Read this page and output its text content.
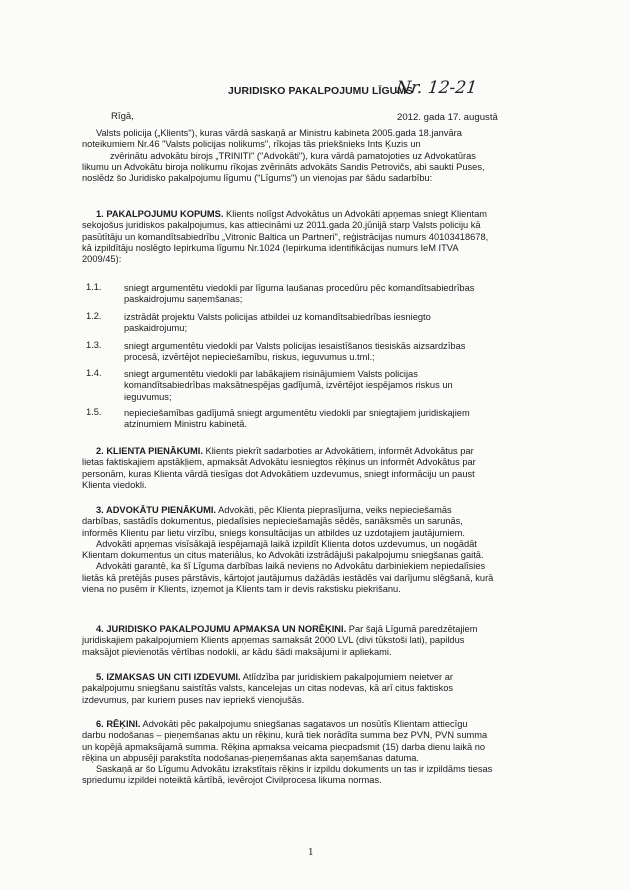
JURIDISKO PAKALPOJUMU LĪGUMS
Nr. 12-21
Rīgā,	2012. gada 17. augustā
Valsts policija („Klients"), kuras vārdā saskaņā ar Ministru kabineta 2005.gada 18.janvāra
noteikumiem Nr.46 "Valsts policijas nolikums", rīkojas tās priekšnieks Ints Ķuzis un
zvērinātu advokātu birojs „TRINITI" ("Advokāti"), kura vārdā pamatojoties uz Advokatūras
likumu un Advokātu biroja nolikumu rīkojas zvērināts advokāts Sandis Petrovičs, abi saukti Puses,
noslēdz šo Juridisko pakalpojumu līgumu ("Līgums") un vienojas par šādu sadarbību:
1. PAKALPOJUMU KOPUMS. Klients nolīgst Advokātus un Advokāti apņemas sniegt Klientam
sekojošus juridiskos pakalpojumus, kas attiecināmi uz 2011.gada 20.jūnijā starp Valsts policiju kā
pasūtītāju un komandītsabiedrību „Vitronic Baltica un Partneri", reģistrācijas numurs 40103418678,
kā izpildītāju noslēgto Iepirkuma līgumu Nr.1024 (Iepirkuma identifikācijas numurs IeM ITVA
2009/45):
1.1. sniegt argumentētu viedokli par līguma laušanas procedūru pēc komandītsabiedrības
paskaidrojumu saņemšanas;
1.2. izstrādāt projektu Valsts policijas atbildei uz komandītsabiedrības iesniegto
paskaidrojumu;
1.3. sniegt argumentētu viedokli par Valsts policijas iesaistīšanos tiesiskās aizsardzības
procesā, izvērtējot nepieciešamību, riskus, ieguvumus u.tml.;
1.4. sniegt argumentētu viedokli par labākajiem risinājumiem Valsts policijas
komandītsabiedrības maksātnespējas gadījumā, izvērtējot iespējamos riskus un
ieguvumus;
1.5. nepieciešamības gadījumā sniegt argumentētu viedokli par sniegtajiem juridiskajiem
atzinumiem Ministru kabinetā.
2. KLIENTA PIENĀKUMI. Klients piekrīt sadarboties ar Advokātiem, informēt Advokātus par
lietas faktiskajiem apstākļiem, apmaksāt Advokātu iesniegtos rēķinus un informēt Advokātus par
personām, kuras Klienta vārdā tiesīgas dot Advokātiem uzdevumus, sniegt informāciju un paust
Klienta viedokli.
3. ADVOKĀTU PIENĀKUMI. Advokāti, pēc Klienta pieprasījuma, veiks nepieciešamās
darbības, sastādīs dokumentus, piedalīsies nepieciešamajās sēdēs, sanāksmēs un sarunās,
informēs Klientu par lietu virzību, sniegs konsultācijas un atbildes uz uzdotajiem jautājumiem.
Advokāti apņemas visīsākajā iespējamajā laikā izpildīt Klienta dotos uzdevumus, un nogādāt
Klientam dokumentus un citus materiālus, ko Advokāti izstrādājuši pakalpojumu sniegšanas gaitā.
Advokāti garantē, ka šī Līguma darbības laikā neviens no Advokātu darbiniekiem nepiedalīsies
lietās kā pretējās puses pārstāvis, kārtojot jautājumus dažādās iestādēs vai darījumu slēgšanā, kurā
viena no pusēm ir Klients, izņemot ja Klients tam ir devis rakstisku piekrišanu.
4. JURIDISKO PAKALPOJUMU APMAKSA UN NORĒĶINI. Par šajā Līgumā paredzētajiem
juridiskajiem pakalpojumiem Klients apņemas samaksāt 2000 LVL (divi tūkstoši lati), papildus
maksājot pievienotās vērtības nodokli, ar kādu šādi maksājumi ir apliekami.
5. IZMAKSAS UN CITI IZDEVUMI. Atlīdzība par juridiskiem pakalpojumiem neietver ar
pakalpojumu sniegšanu saistītās valsts, kancelejas un citas nodevas, kā arī citus faktiskos
izdevumus, par kuriem puses nav iepriekš vienojušās.
6. RĒĶINI. Advokāti pēc pakalpojumu sniegšanas sagatavos un nosūtīs Klientam attiecīgu
darbu nodošanas – pieņemšanas aktu un rēķinu, kurā tiek norādīta summa bez PVN, PVN summa
un kopējā apmaksājamā summa. Rēķina apmaksa veicama piecpadsmit (15) darba dienu laikā no
rēķina un abpusēji parakstīta nodošanas-pieņemšanas akta saņemšanas datuma.
Saskaņā ar šo Līgumu Advokātu izrakstītais rēķins ir izpildu dokuments un tas ir izpildāms tiesas
spriedumu izpildei noteiktā kārtībā, ievērojot Civilprocesa likuma normas.
1
